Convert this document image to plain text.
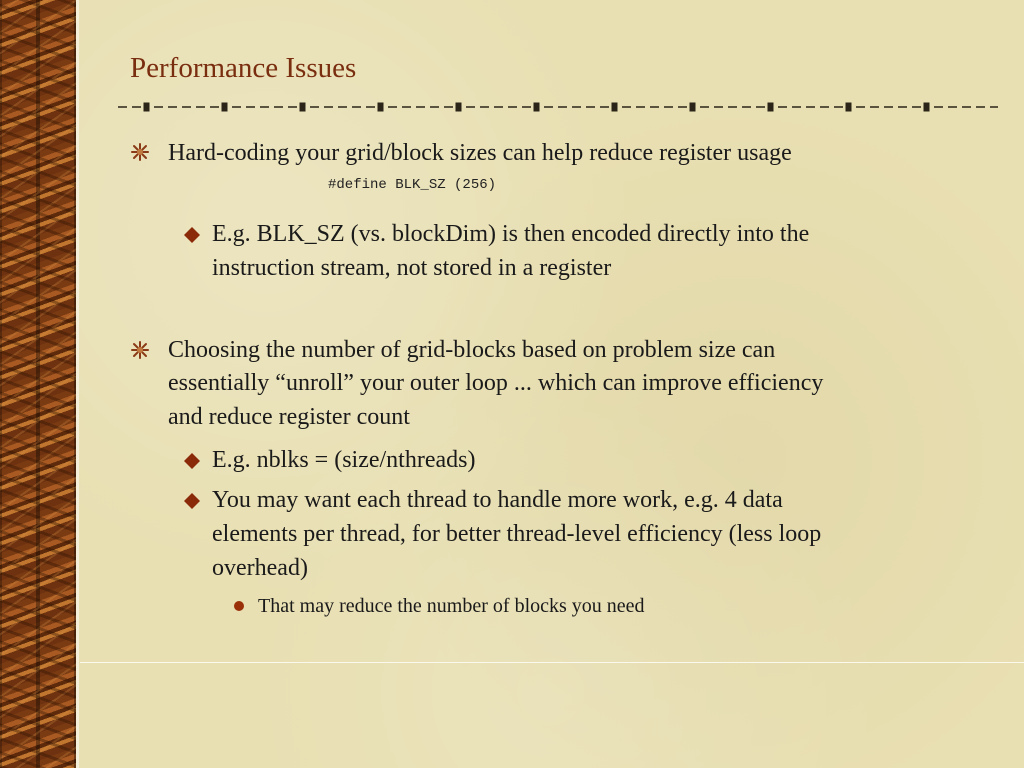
Performance Issues
Hard-coding your grid/block sizes can help reduce register usage
#define BLK_SZ (256)
E.g. BLK_SZ (vs. blockDim) is then encoded directly into the
instruction stream, not stored in a register
Choosing the number of grid-blocks based on problem size can
essentially “unroll” your outer loop ... which can improve efficiency
and reduce register count
E.g. nblks = (size/nthreads)
You may want each thread to handle more work, e.g. 4 data
elements per thread, for better thread-level efficiency (less loop
overhead)
That may reduce the number of blocks you need
